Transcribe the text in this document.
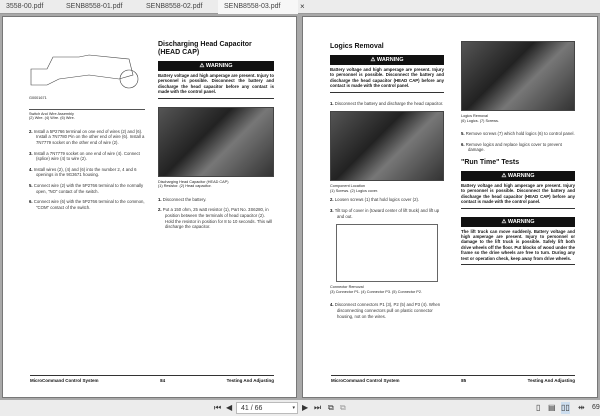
3558-00.pdf	SENB8558-01.pdf	SENB8558-02.pdf	SENB8558-03.pdf	×
G0001671
Switch And Wire Assembly
(2) Wire. (4) Wire. (6) Wire.
2. Install a 5P2766 terminal on one end of wires (2) and (6). Install a 7N7780 Pin on the other end of wire (6). Install a 7N7779 socket on the other end of wire (2).
3. Install a 7N7779 socket on one end of wire (4). Connect (splice) wire (4) to wire (2).
4. Install wires (2), (4) and (6) into the number 2, 4 and 6 openings in the 9G3671 housing.
5. Connect wire (2) with the 5P2766 terminal to the normally open, "NO" contact of the switch.
6. Connect wire (6) with the 5P2766 terminal to the common, "COM" contact of the switch.
Discharging Head Capacitor (HEAD CAP)
⚠ WARNING
Battery voltage and high amperage are present. Injury to personnel is possible. Disconnect the battery and discharge the head capacitor before any contact is made with the control panel.
Discharging Head Capacitor (HEAD CAP)
(1) Resistor. (2) Head capacitor.
1. Disconnect the battery.
2. Put a 150 ohm, 25 watt resistor (1), Part No. 3S6280, in position between the terminals of head capacitor (2). Hold the resistor in position for 8 to 10 seconds. This will discharge the capacitor.
MicroCommand Control System	84	Testing And Adjusting
Logics Removal
⚠ WARNING
Battery voltage and high amperage are present. Injury to personnel is possible. Disconnect the battery and discharge the head capacitor (HEAD CAP) before any contact is made with the control panel.
1. Disconnect the battery and discharge the head capacitor.
Component Location
(1) Screws. (2) Logics cover.
2. Loosen screws (1) that hold logics cover (2).
3. Tilt top of cover in (toward center of lift truck) and lift up and out.
Connector Removal
(3) Connector P1. (4) Connector P3. (5) Connector P2.
4. Disconnect connectors P1 (3), P2 (5) and P3 (4). When disconnecting connectors pull on plastic connector housing, not on the wires.
Logics Removal
(6) Logics. (7) Screws.
5. Remove screws (7) which hold logics (6) to control panel.
6. Remove logics and replace logics cover to prevent damage.
"Run Time" Tests
⚠ WARNING
Battery voltage and high amperage are present. Injury to personnel is possible. Disconnect the battery and discharge the head capacitor (HEAD CAP) before any contact is made with the control panel.
⚠ WARNING
The lift truck can move suddenly. Battery voltage and high amperage are present. Injury to personnel or damage to the lift truck is possible. Safely lift both drive wheels off the floor. Put blocks of wood under the frame so the drive wheels are free to turn. During any test or operation check, keep away from drive wheels.
MicroCommand Control System	85	Testing And Adjusting
⏮ ◀	41 / 66	▾ ▶ ⏭ ⧉ ⧉	▯ ▤ ▯▯ ⇹ 69
